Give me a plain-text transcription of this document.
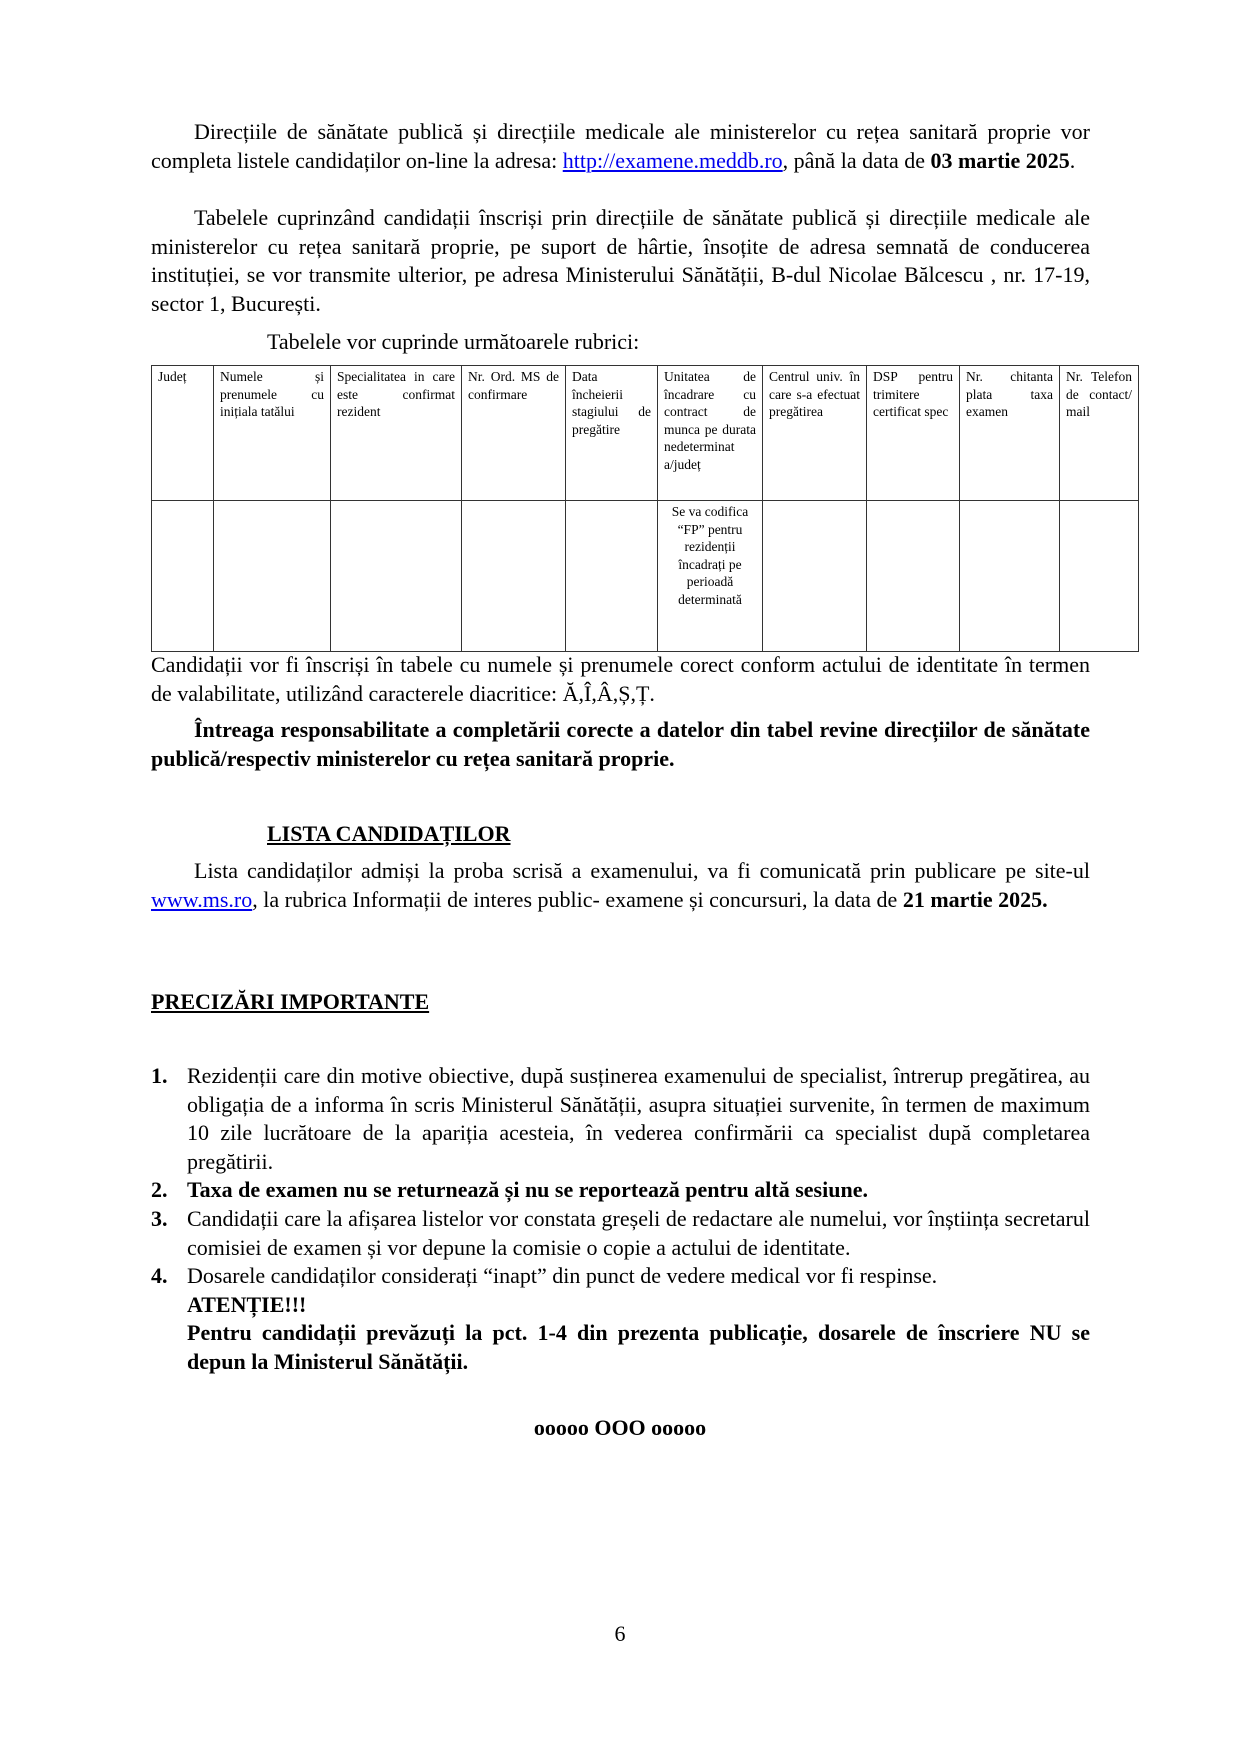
Direcțiile de sănătate publică și direcțiile medicale ale ministerelor cu rețea sanitară proprie vor completa listele candidaților on-line la adresa: http://examene.meddb.ro, până la data de 03 martie 2025.
Tabelele cuprinzând candidații înscriși prin direcțiile de sănătate publică și direcțiile medicale ale ministerelor cu rețea sanitară proprie, pe suport de hârtie, însoțite de adresa semnată de conducerea instituției, se vor transmite ulterior, pe adresa Ministerului Sănătății, B-dul Nicolae Bălcescu , nr. 17-19, sector 1, București.
Tabelele vor cuprinde următoarele rubrici:
Județ	Numele și prenumele cu inițiala tatălui	Specialitatea in care este confirmat rezident	Nr. Ord. MS de confirmare	Data încheierii stagiului de pregătire	Unitatea de încadrare cu contract de munca pe durata nedeterminat a/județ	Centrul univ. în care s-a efectuat pregătirea	DSP pentru trimitere certificat spec	Nr. chitanta plata taxa examen	Nr. Telefon de contact/ mail
					Se va codifica “FP” pentru rezidenții încadrați pe perioadă determinată				
Candidații vor fi înscriși în tabele cu numele și prenumele corect conform actului de identitate în termen de valabilitate, utilizând caracterele diacritice: Ă,Î,Â,Ș,Ț.
Întreaga responsabilitate a completării corecte a datelor din tabel revine direcțiilor de sănătate publică/respectiv ministerelor cu rețea sanitară proprie.
LISTA CANDIDAȚILOR
Lista candidaților admiși la proba scrisă a examenului, va fi comunicată prin publicare pe site-ul www.ms.ro, la rubrica Informații de interes public- examene și concursuri, la data de 21 martie 2025.
PRECIZĂRI IMPORTANTE
1. Rezidenții care din motive obiective, după susținerea examenului de specialist, întrerup pregătirea, au obligația de a informa în scris Ministerul Sănătății, asupra situației survenite, în termen de maximum 10 zile lucrătoare de la apariția acesteia, în vederea confirmării ca specialist după completarea pregătirii.
2. Taxa de examen nu se returnează și nu se reportează pentru altă sesiune.
3. Candidații care la afișarea listelor vor constata greșeli de redactare ale numelui, vor înștiința secretarul comisiei de examen și vor depune la comisie o copie a actului de identitate.
4. Dosarele candidaților considerați “inapt” din punct de vedere medical vor fi respinse.
ATENȚIE!!!
Pentru candidații prevăzuți la pct. 1-4 din prezenta publicație, dosarele de înscriere NU se depun la Ministerul Sănătății.
ooooo OOO ooooo
6
